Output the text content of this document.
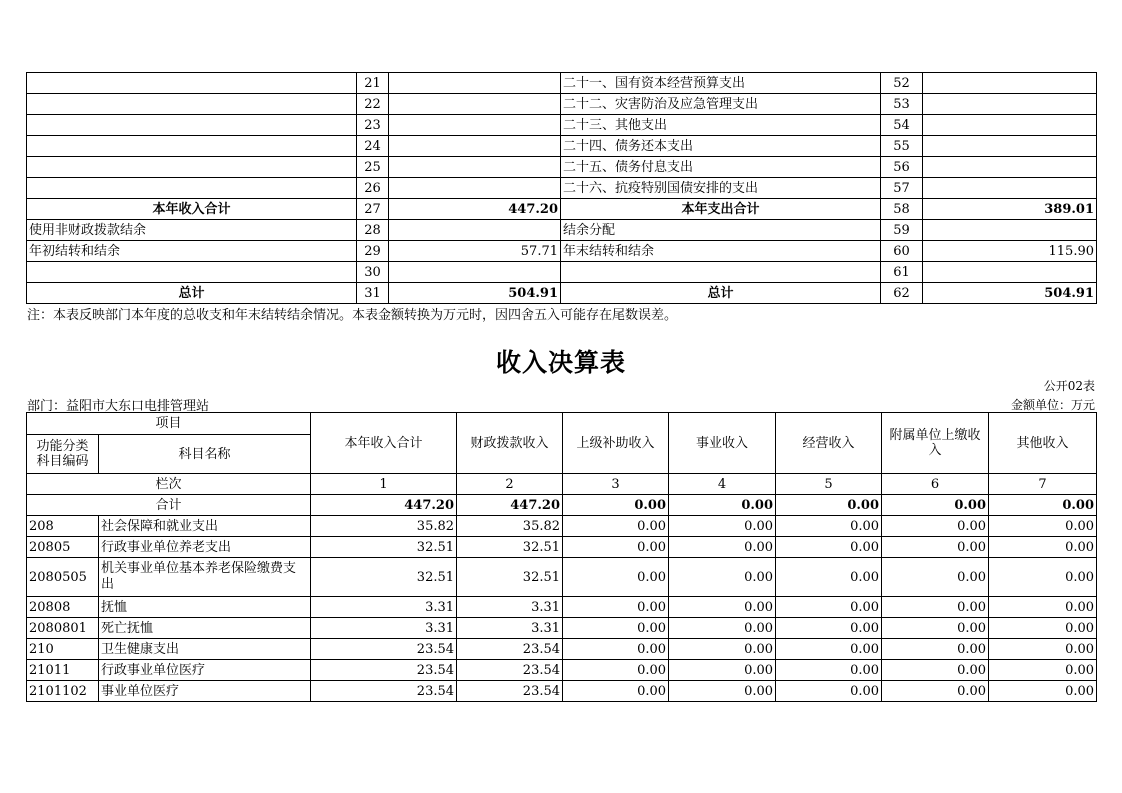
	21		二十一、国有资本经营预算支出	52	
	22		二十二、灾害防治及应急管理支出	53	
	23		二十三、其他支出	54	
	24		二十四、债务还本支出	55	
	25		二十五、债务付息支出	56	
	26		二十六、抗疫特别国债安排的支出	57	
本年收入合计	27	447.20	本年支出合计	58	389.01
使用非财政拨款结余	28		结余分配	59	
年初结转和结余	29	57.71	年末结转和结余	60	115.90
	30			61	
总计	31	504.91	总计	62	504.91
注：本表反映部门本年度的总收支和年末结转结余情况。本表金额转换为万元时，因四舍五入可能存在尾数误差。
收入决算表
公开02表
部门：益阳市大东口电排管理站	金额单位：万元
项目		本年收入合计	财政拨款收入	上级补助收入	事业收入	经营收入	附属单位上缴收入	其他收入
功能分类科目编码	科目名称							
栏次		1	2	3	4	5	6	7
合计		447.20	447.20	0.00	0.00	0.00	0.00	0.00
208	社会保障和就业支出	35.82	35.82	0.00	0.00	0.00	0.00	0.00
20805	行政事业单位养老支出	32.51	32.51	0.00	0.00	0.00	0.00	0.00
2080505	机关事业单位基本养老保险缴费支出	32.51	32.51	0.00	0.00	0.00	0.00	0.00
20808	抚恤	3.31	3.31	0.00	0.00	0.00	0.00	0.00
2080801	死亡抚恤	3.31	3.31	0.00	0.00	0.00	0.00	0.00
210	卫生健康支出	23.54	23.54	0.00	0.00	0.00	0.00	0.00
21011	行政事业单位医疗	23.54	23.54	0.00	0.00	0.00	0.00	0.00
2101102	事业单位医疗	23.54	23.54	0.00	0.00	0.00	0.00	0.00
